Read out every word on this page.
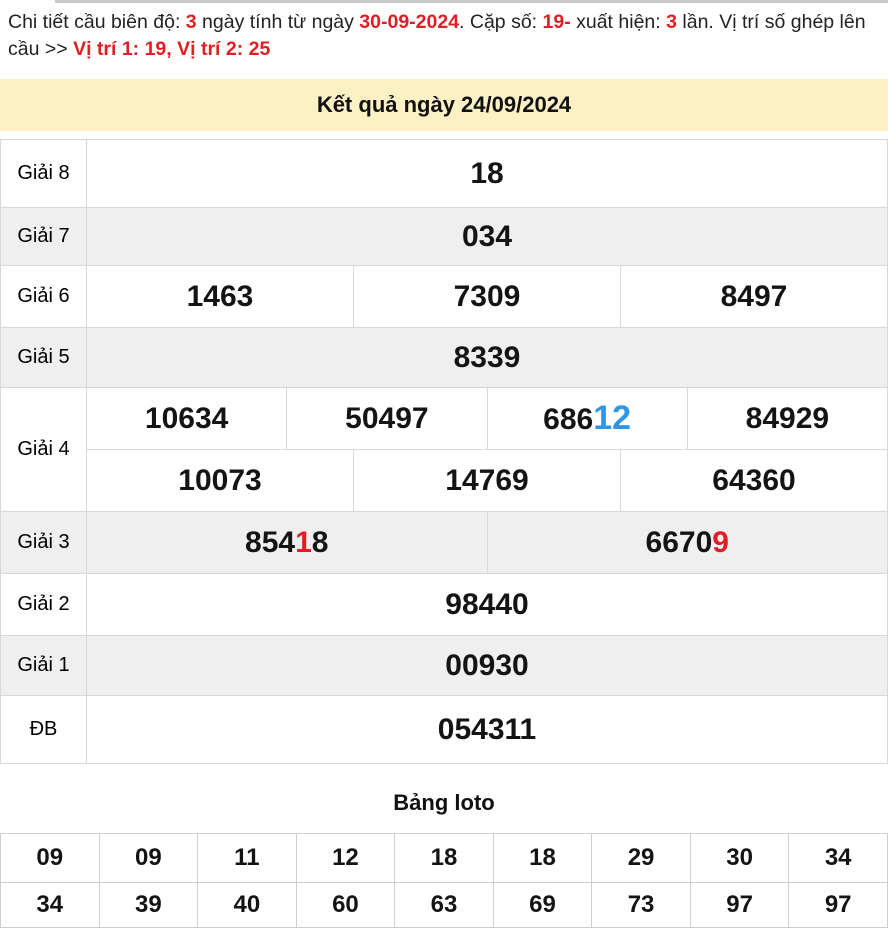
Chi tiết cầu biên độ: 3 ngày tính từ ngày 30-09-2024. Cặp số: 19- xuất hiện: 3 lần. Vị trí số ghép lên cầu >> Vị trí 1: 19, Vị trí 2: 25
Kết quả ngày 24/09/2024
Giải 8	18					
Giải 7	034					
Giải 6	1463		7309		8497	
Giải 5	8339					
Giải 4	10634	50497		68612		84929
	10073		14769		64360	
Giải 3	85418			66709		
Giải 2	98440					
Giải 1	00930					
ĐB	054311					
Bảng loto
09	09	11	12	18	18	29	30	34
34	39	40	60	63	69	73	97	97
